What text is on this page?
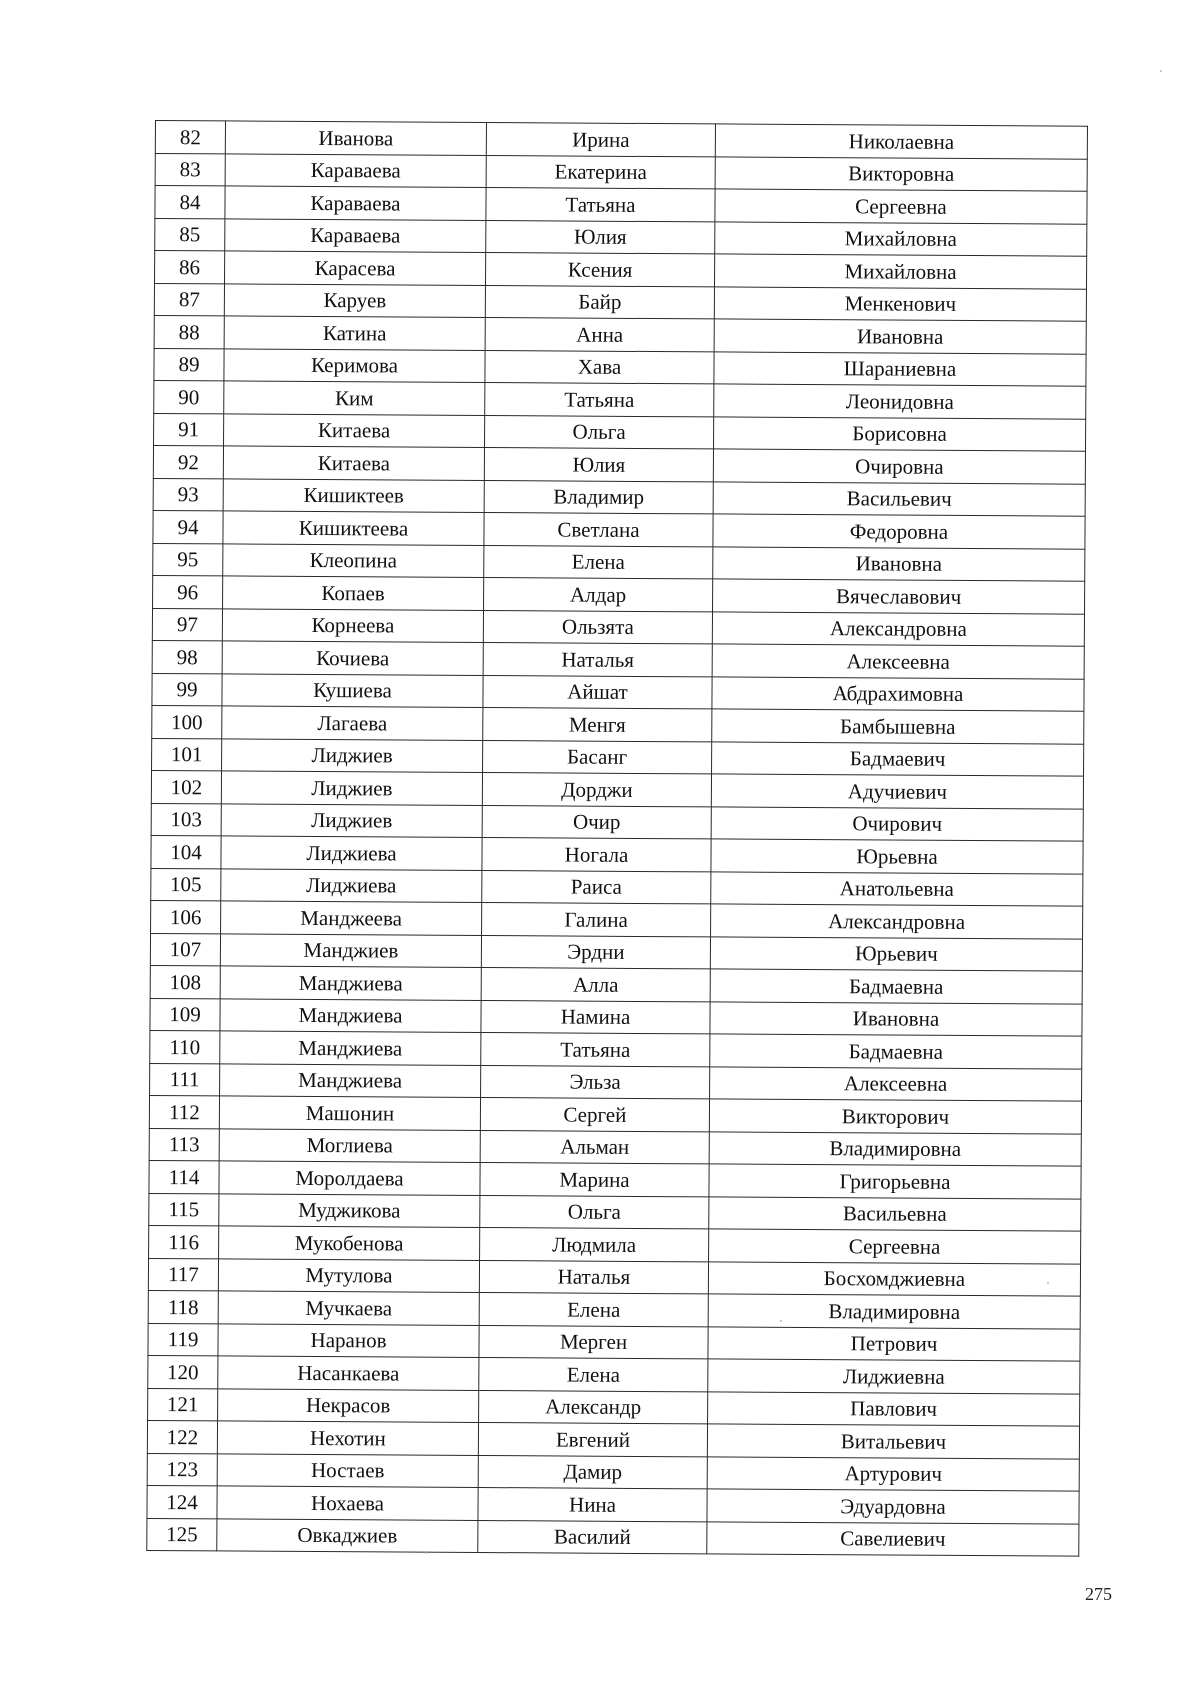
82	Иванова	Ирина	Николаевна
83	Караваева	Екатерина	Викторовна
84	Караваева	Татьяна	Сергеевна
85	Караваева	Юлия	Михайловна
86	Карасева	Ксения	Михайловна
87	Каруев	Байр	Менкенович
88	Катина	Анна	Ивановна
89	Керимова	Хава	Шараниевна
90	Ким	Татьяна	Леонидовна
91	Китаева	Ольга	Борисовна
92	Китаева	Юлия	Очировна
93	Кишиктеев	Владимир	Васильевич
94	Кишиктеева	Светлана	Федоровна
95	Клеопина	Елена	Ивановна
96	Копаев	Алдар	Вячеславович
97	Корнеева	Ользята	Александровна
98	Кочиева	Наталья	Алексеевна
99	Кушиева	Айшат	Абдрахимовна
100	Лагаева	Менгя	Бамбышевна
101	Лиджиев	Басанг	Бадмаевич
102	Лиджиев	Дорджи	Адучиевич
103	Лиджиев	Очир	Очирович
104	Лиджиева	Ногала	Юрьевна
105	Лиджиева	Раиса	Анатольевна
106	Манджеева	Галина	Александровна
107	Манджиев	Эрдни	Юрьевич
108	Манджиева	Алла	Бадмаевна
109	Манджиева	Намина	Ивановна
110	Манджиева	Татьяна	Бадмаевна
111	Манджиева	Эльза	Алексеевна
112	Машонин	Сергей	Викторович
113	Моглиева	Альман	Владимировна
114	Моролдаева	Марина	Григорьевна
115	Муджикова	Ольга	Васильевна
116	Мукобенова	Людмила	Сергеевна
117	Мутулова	Наталья	Босхомджиевна
118	Мучкаева	Елена	Владимировна
119	Наранов	Мерген	Петрович
120	Насанкаева	Елена	Лиджиевна
121	Некрасов	Александр	Павлович
122	Нехотин	Евгений	Витальевич
123	Ностаев	Дамир	Артурович
124	Нохаева	Нина	Эдуардовна
125	Овкаджиев	Василий	Савелиевич
275
